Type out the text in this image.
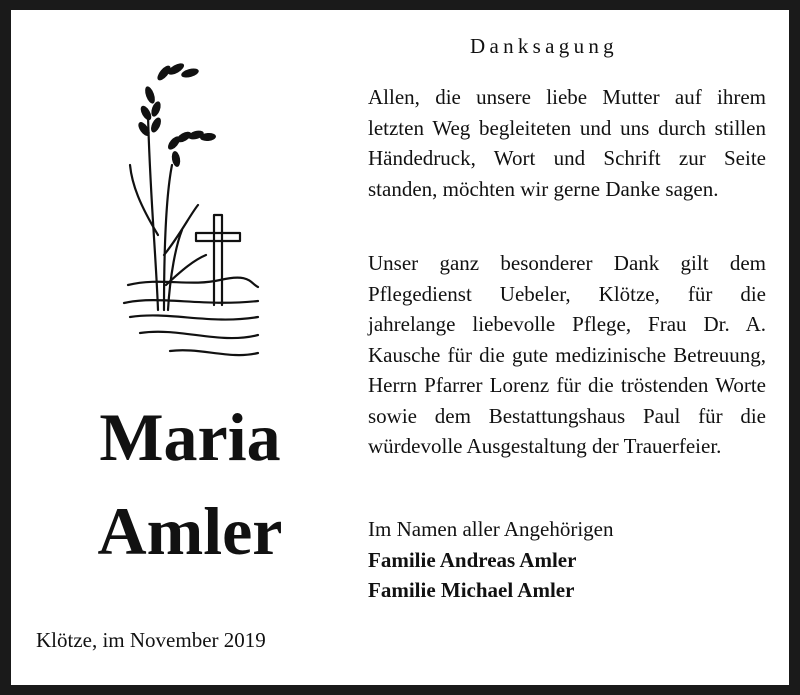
Maria
Amler
Klötze, im November 2019
Danksagung

Allen, die unsere liebe Mutter auf ihrem letzten Weg begleiteten und uns durch stillen Händedruck, Wort und Schrift zur Seite standen, möchten wir gerne Danke sagen.

Unser ganz besonderer Dank gilt dem Pflegedienst Uebeler, Klötze, für die jahrelange liebevolle Pflege, Frau Dr. A. Kausche für die gute medizinische Betreuung, Herrn Pfarrer Lorenz für die tröstenden Worte sowie dem Bestattungshaus Paul für die würdevolle Ausgestaltung der Trauerfeier.

Im Namen aller Angehörigen
Familie Andreas Amler
Familie Michael Amler
